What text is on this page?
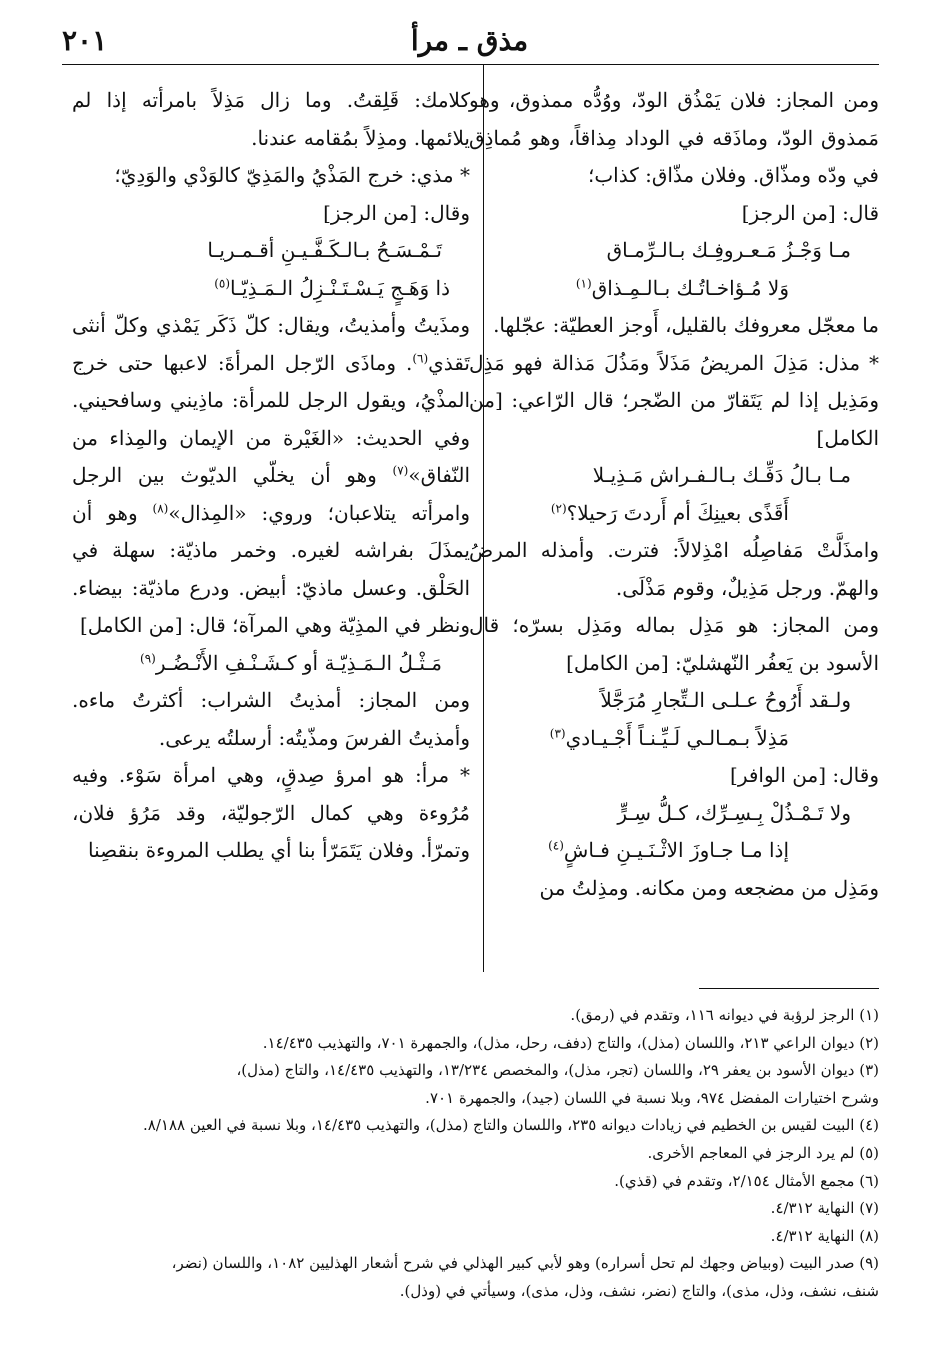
مذق ـ مرأ
٢٠١

ومن المجاز: فلان يَمْذُق الودّ، ووُدُّه ممذوق، وهو مَمذوق الودّ، وماذَقه في الوداد مِذاقاً، وهو مُماذِق في ودّه ومذّاق. وفلان مذّاق: كذاب؛

قال: [من الرجز]

مـا وَجْـزُ مَـعـروفِـك بـالـرِّمـاق

وَلا مُـؤاخـاتُـك بـالـمِـذاق$^{(١)}$

ما معجّل معروفك بالقليل، أَوجز العطيّة: عجّلها.

* مذل: مَذِلَ المريضُ مَذَلاً ومَذُلَ مَذالة فهو مَذِل ومَذِيل إذا لم يَتَقارّ من الضّجر؛ قال الرّاعي: [من الكامل]

مـا بـالُ دَفِّـك بـالـفـراش مَـذِيـلا

أَقَذًى بعينِكَ أم أَردتَ رَحيلا؟$^{(٢)}$

وامذَلَّتْ مَفاصِلُه امْذِلالاً: فترت. وأمذله المرضُ والهمّ. ورجل مَذِيلٌ، وقوم مَذْلَى.

ومن المجاز: هو مَذِل بماله ومَذِل بسرّه؛ قال الأسود بن يَعفُر النّهشليّ: [من الكامل]

ولـقد أَرُوحُ عـلـى الـتِّجارِ مُرَجَّلاً

مَذِلاً بـمـالـي لَـيِّـنـاً أَجْـيـادي$^{(٣)}$

وقال: [من الوافر]

ولا تَـمْـذُلْ بِـسِـرِّك، كـلُّ سِـرٍّ

إذا مـا جـاوزَ الاثْـنَـيـنِ فـاشٍ$^{(٤)}$

ومَذِل من مضجعه ومن مكانه. ومذِلتُ من

كلامك: قَلِقتُ. وما زال مَذِلاً بامرأته إذا لم يلائمها. ومذِلاً بمُقامه عندنا.

* مذي: خرج المَذْيُ والمَذِيّ كالوَدْي والوَدِيّ؛

وقال: [من الرجز]

تَـمْـسَـحُ بـالـكَـفَّـيـنِ أقـمـريـا

ذا وَهَـجٍ يَـسْـتَـنْـزِلُ الـمَـذِيّـا$^{(٥)}$

ومذَيتُ وأمذيتُ، ويقال: كلّ ذَكَر يَمْذي وكلّ أنثى تَقذي$^{(٦)}$. وماذَى الرّجل المرأةَ: لاعبها حتى خرج المذْيُ، ويقول الرجل للمرأة: ماذِيني وسافحيني. وفي الحديث: «الغَيْرة من الإيمان والمِذاء من النّفاق»$^{(٧)}$ وهو أن يخلّي الديّوث بين الرجل وامرأته يتلاعبان؛ وروي: «المِذال»$^{(٨)}$ وهو أن يمذَلَ بفراشه لغيره. وخمر ماذيّة: سهلة في الحَلْق. وعسل ماذيّ: أبيض. ودرع ماذيّة: بيضاء. ونظر في المذِيّة وهي المرآة؛ قال: [من الكامل]

مَـثْـلُ الـمَـذِيّـة أو كـشَـنْـفِ الأَنْـضُـر$^{(٩)}$

ومن المجاز: أمذيتُ الشراب: أكثرتُ ماءه. وأمذيتُ الفرسَ ومذّيتُه: أرسلتُه يرعى.

* مرأ: هو امرؤ صِدقٍ، وهي امرأة سَوْء. وفيه مُرُوءة وهي كمال الرّجوليّة، وقد مَرُؤ فلان، وتمرّأ. وفلان يَتَمَرّأ بنا أي يطلب المروءة بنقصِنا

(١) الرجز لرؤبة في ديوانه ١١٦، وتقدم في (رمق).

(٢) ديوان الراعي ٢١٣، واللسان (مذل)، والتاج (دفف، رحل، مذل)، والجمهرة ٧٠١، والتهذيب ١٤/٤٣٥.

(٣) ديوان الأسود بن يعفر ٢٩، واللسان (تجر، مذل)، والمخصص ١٣/٢٣٤، والتهذيب ١٤/٤٣٥، والتاج (مذل)،

وشرح اختيارات المفضل ٩٧٤، وبلا نسبة في اللسان (جيد)، والجمهرة ٧٠١.

(٤) البيت لقيس بن الخطيم في زيادات ديوانه ٢٣٥، واللسان والتاج (مذل)، والتهذيب ١٤/٤٣٥، وبلا نسبة في العين ٨/١٨٨.

(٥) لم يرد الرجز في المعاجم الأخرى.

(٦) مجمع الأمثال ٢/١٥٤، وتقدم في (قذي).

(٧) النهاية ٤/٣١٢.

(٨) النهاية ٤/٣١٢.

(٩) صدر البيت (وبياض وجهك لم تحل أسراره) وهو لأبي كبير الهذلي في شرح أشعار الهذليين ١٠٨٢، واللسان (نضر،

شنف، نشف، وذل، مذى)، والتاج (نضر، نشف، وذل، مذى)، وسيأتي في (وذل).
